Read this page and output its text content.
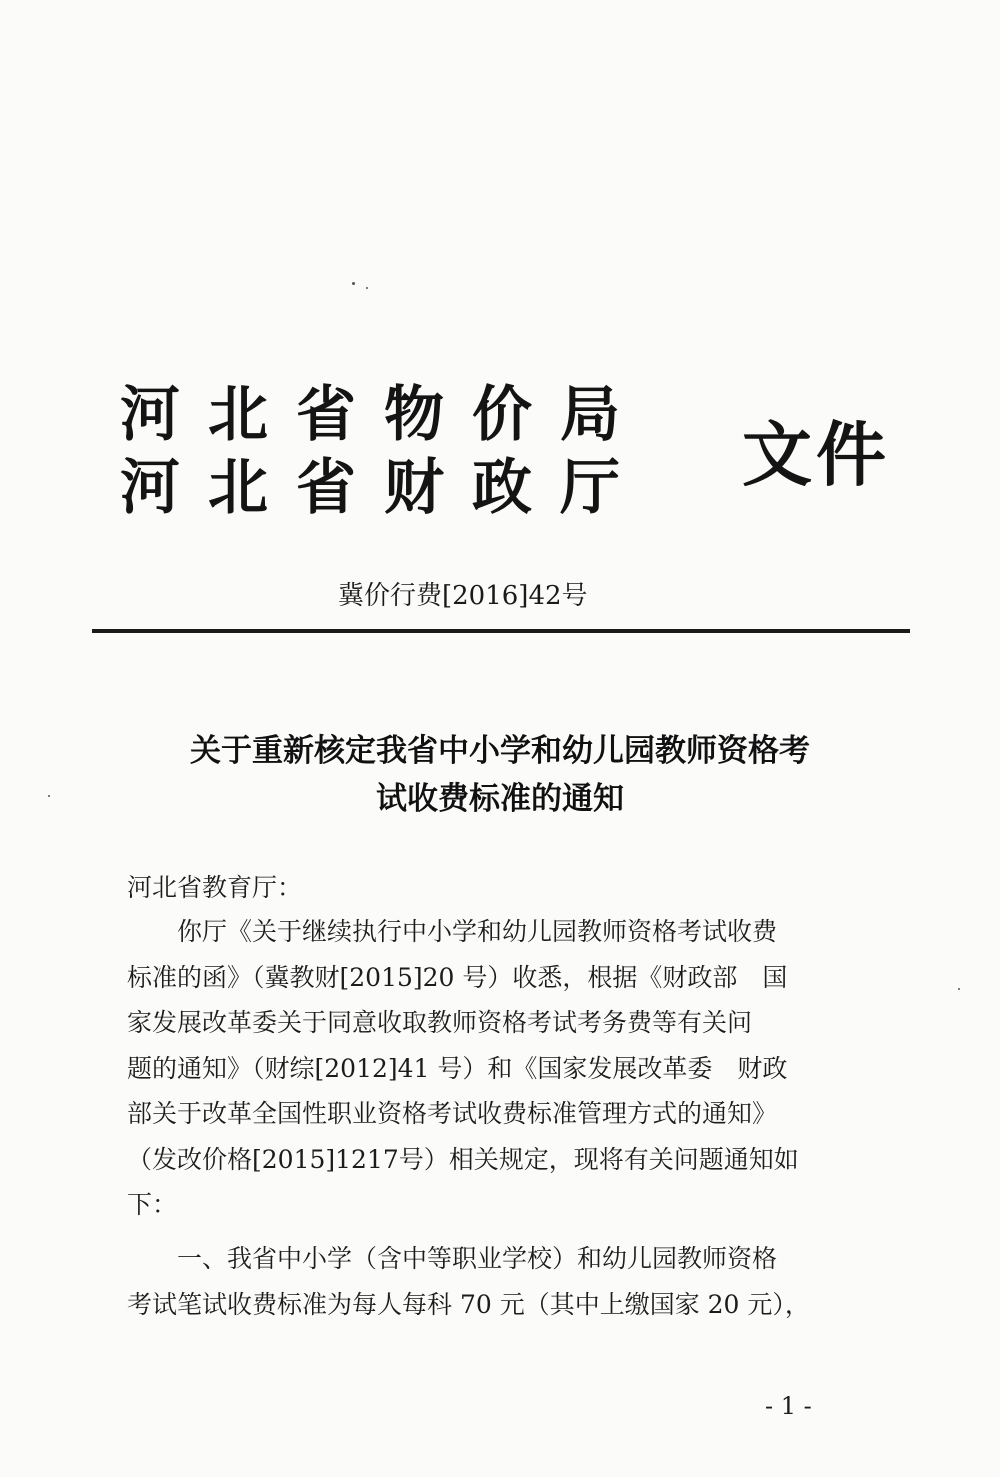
河北省物价局
河北省财政厅 文件
冀价行费[2016]42号
关于重新核定我省中小学和幼儿园教师资格考
试收费标准的通知
河北省教育厅：
你厅《关于继续执行中小学和幼儿园教师资格考试收费
标准的函》（冀教财[2015]20 号）收悉，根据《财政部　国
家发展改革委关于同意收取教师资格考试考务费等有关问
题的通知》（财综[2012]41 号）和《国家发展改革委　财政
部关于改革全国性职业资格考试收费标准管理方式的通知》
（发改价格[2015]1217号）相关规定，现将有关问题通知如
下：
一、我省中小学（含中等职业学校）和幼儿园教师资格
考试笔试收费标准为每人每科 70 元（其中上缴国家 20 元），
- 1 -
